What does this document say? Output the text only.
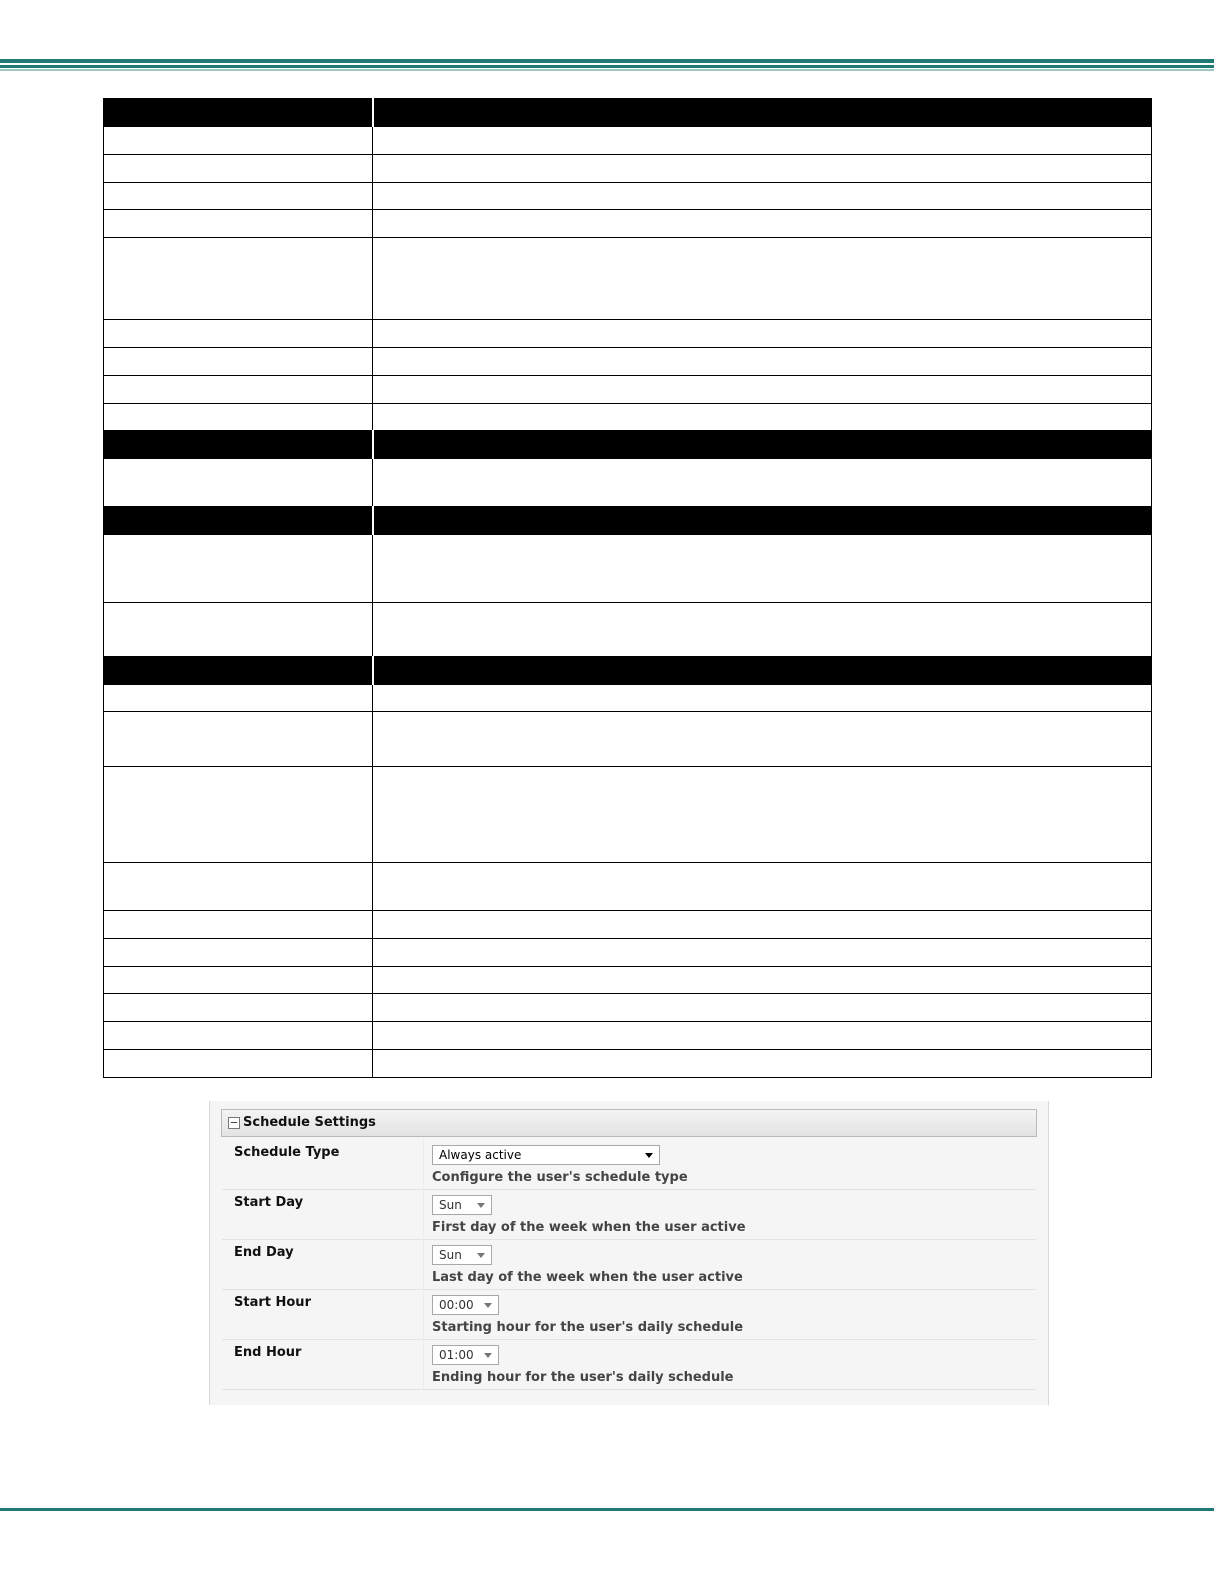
Schedule Settings
Schedule Type	Always active
Configure the user's schedule type
Start Day	Sun
First day of the week when the user active
End Day	Sun
Last day of the week when the user active
Start Hour	00:00
Starting hour for the user's daily schedule
End Hour	01:00
Ending hour for the user's daily schedule
